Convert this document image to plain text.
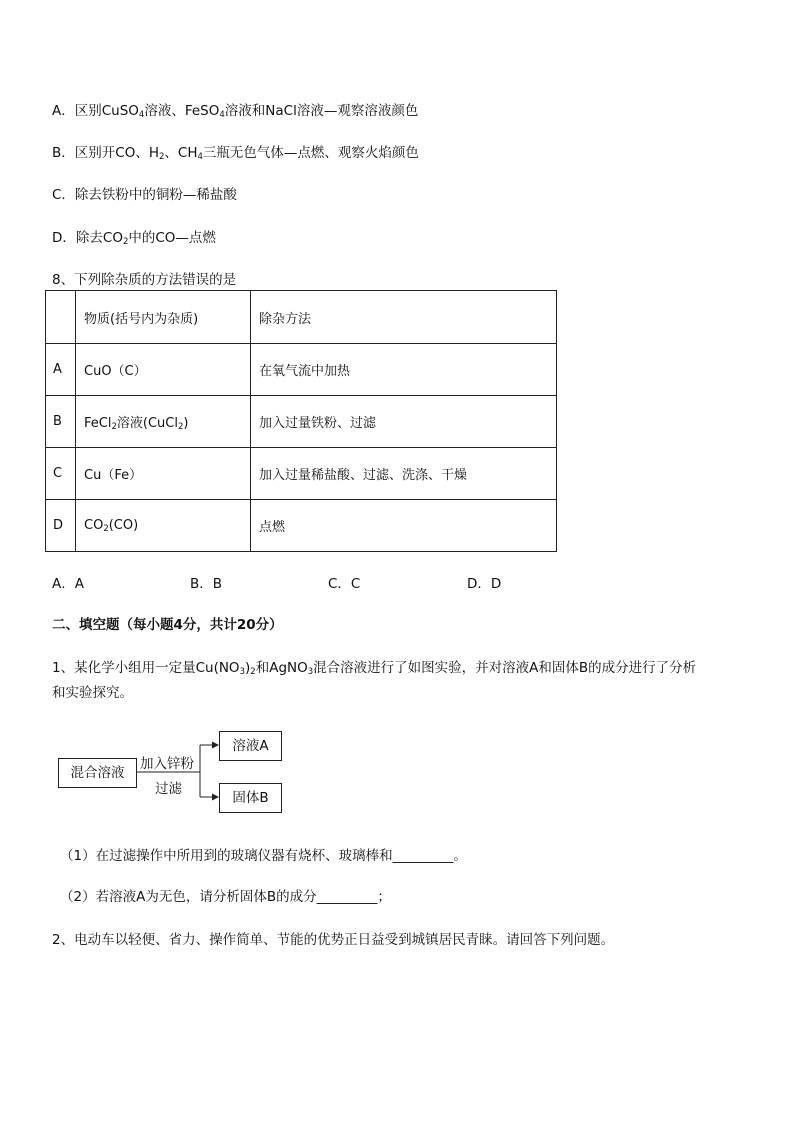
A．区别CuSO$_4$溶液、FeSO$_4$溶液和NaCl溶液—观察溶液颜色
B．区别开CO、$H_2$、$CH_4$三瓶无色气体—点燃、观察火焰颜色
C．除去铁粉中的铜粉—稀盐酸
D．除去$CO_2$中的CO—点燃
8、下列除杂质的方法错误的是
	物质(括号内为杂质)	除杂方法
A	CuO（C）	在氧气流中加热
B	FeCl$_2$溶液(CuCl$_2$)	加入过量铁粉、过滤
C	Cu（Fe）	加入过量稀盐酸、过滤、洗涤、干燥
D	$CO_2(CO)$	点燃
A．A	B．B	C．C	D．D
二、填空题（每小题4分，共计20分）
1、某化学小组用一定量$Cu(NO_3)_2$和AgNO$_3$混合溶液进行了如图实验，并对溶液A和固体B的成分进行了分析
和实验探究。
混合溶液
加入锌粉
过滤
溶液A
固体B
（1）在过滤操作中所用到的玻璃仪器有烧杯、玻璃棒和_________。
（2）若溶液A为无色，请分析固体B的成分_________；
2、电动车以轻便、省力、操作简单、节能的优势正日益受到城镇居民青睐。请回答下列问题。
